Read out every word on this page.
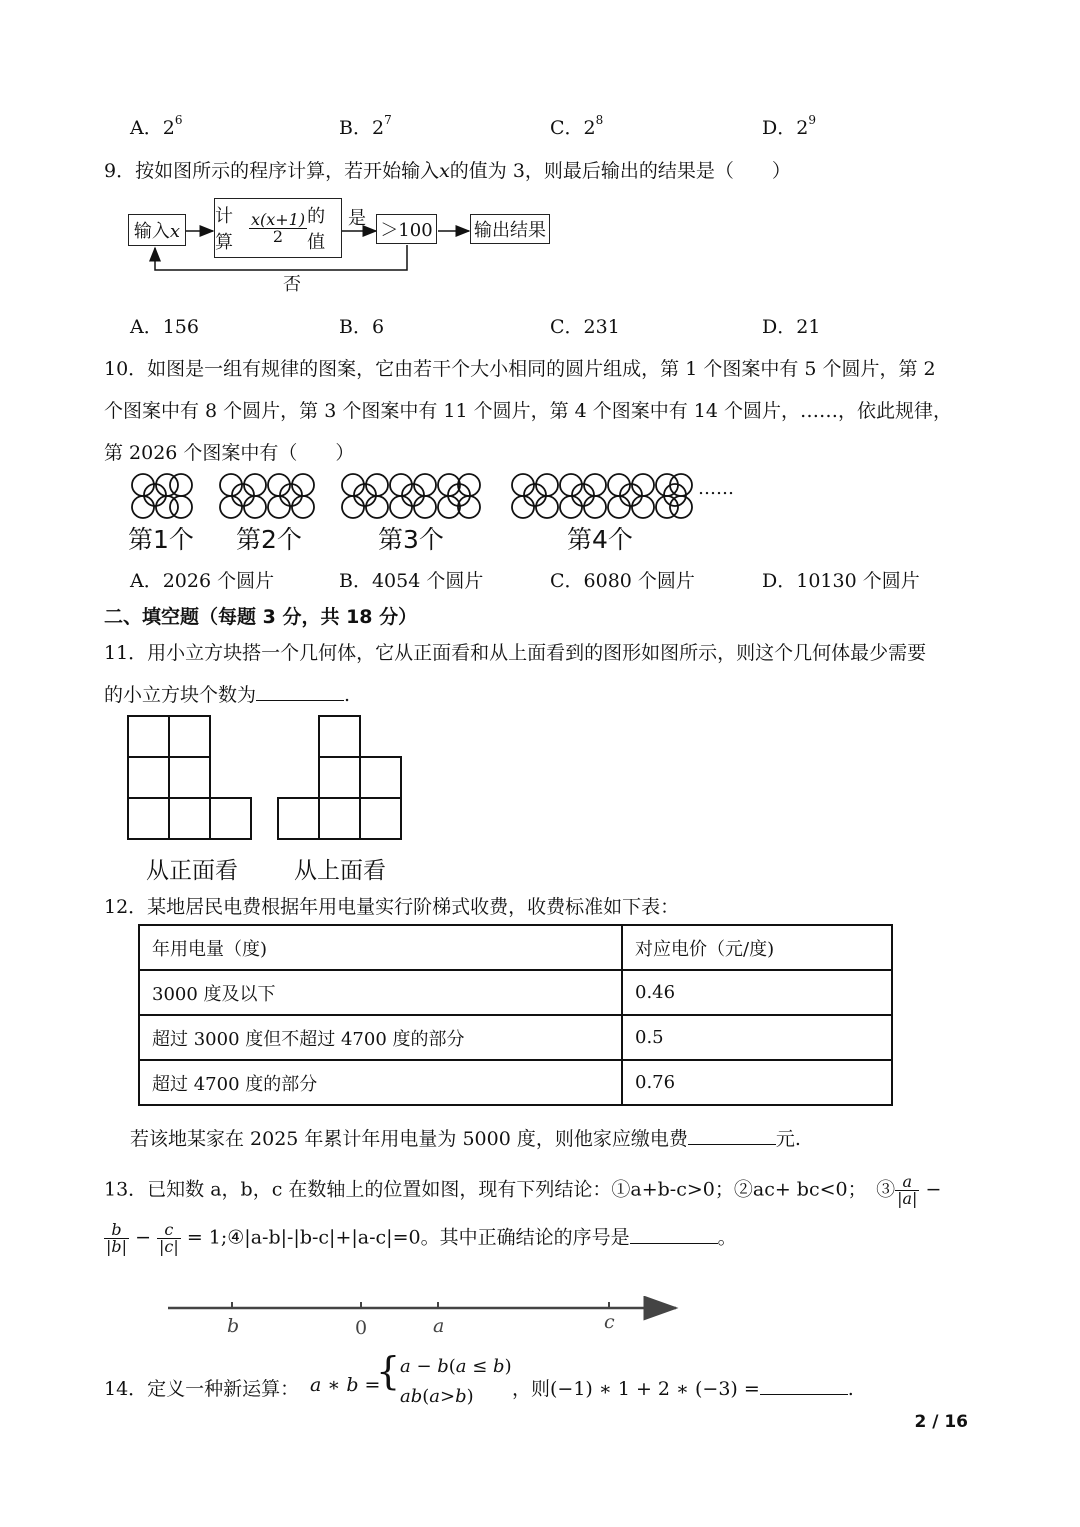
A．$2^6$	B．$2^7$	C．$2^8$	D．$2^9$
9．按如图所示的程序计算，若开始输入𝑥的值为 3，则最后输出的结果是（　　）
输入𝑥
计算 $\frac{x(x+1)}{2}$ 的值
＞100 输出结果
是
否
A．156	B．6	C．231	D．21
10．如图是一组有规律的图案，它由若干个大小相同的圆片组成，第 1 个图案中有 5 个圆片，第 2
个图案中有 8 个圆片，第 3 个图案中有 11 个圆片，第 4 个图案中有 14 个圆片，……，依此规律，
第 2026 个图案中有（　　）
……
第1个 第2个	第3个	第4个
A．2026 个圆片	B．4054 个圆片	C．6080 个圆片	D．10130 个圆片
二、填空题（每题 3 分，共 18 分）
11．用小立方块搭一个几何体，它从正面看和从上面看到的图形如图所示，则这个几何体最少需要
的小立方块个数为	.
从正面看 从上面看
12．某地居民电费根据年用电量实行阶梯式收费，收费标准如下表：
年用电量（度)	对应电价（元/度)
3000 度及以下	0.46
超过 3000 度但不超过 4700 度的部分	0.5
超过 4700 度的部分	0.76
若该地某家在 2025 年累计年用电量为 5000 度，则他家应缴电费	元.
13．已知数 a，b，c 在数轴上的位置如图，现有下列结论：①a+b-c>0；②ac+ bc<0；　③ $\frac{a}{|a|}$ −
$\frac{b}{|b|} - \frac{c}{|c|}$ = 1;④|a-b|-|b-c|+|a-c|=0。其中正确结论的序号是	。
b	0	a	c
14．定义一种新运算： 𝑎 ∗ 𝑏 =
{ 𝑎 − 𝑏(𝑎 ≤ 𝑏)
𝑎𝑏(𝑎>𝑏) ，则(−1) ∗ 1 + 2 ∗ (−3) =	.
2 / 16
